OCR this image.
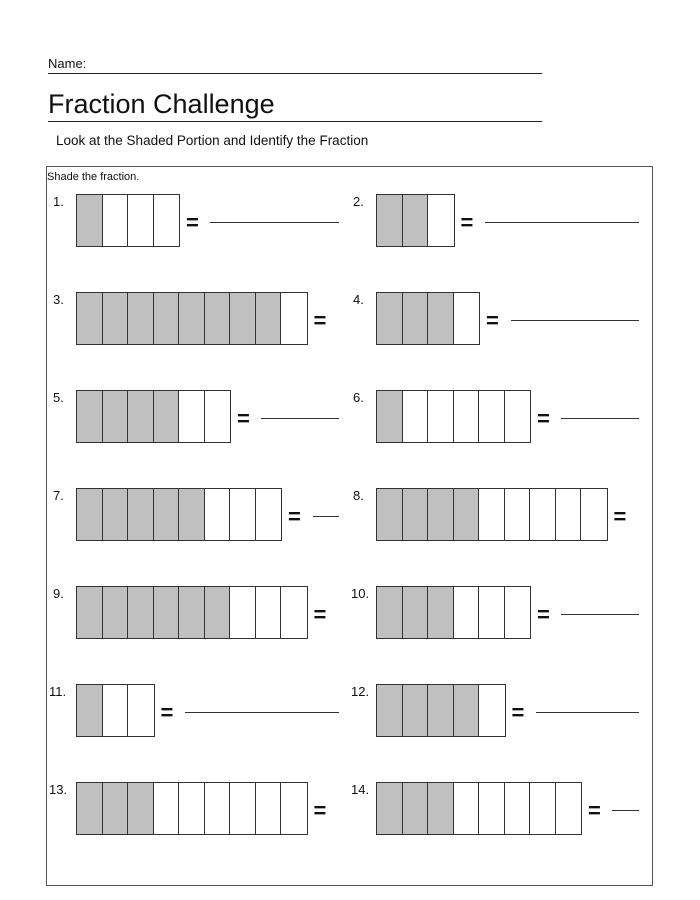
Name:
Fraction Challenge
Look at the Shaded Portion and Identify the Fraction
Shade the fraction.
1.
=
2.
=
3.
=
4.
=
5.
=
6.
=
7.
=
8.
=
9.
=
10.
=
11.
=
12.
=
13.
=
14.
=
